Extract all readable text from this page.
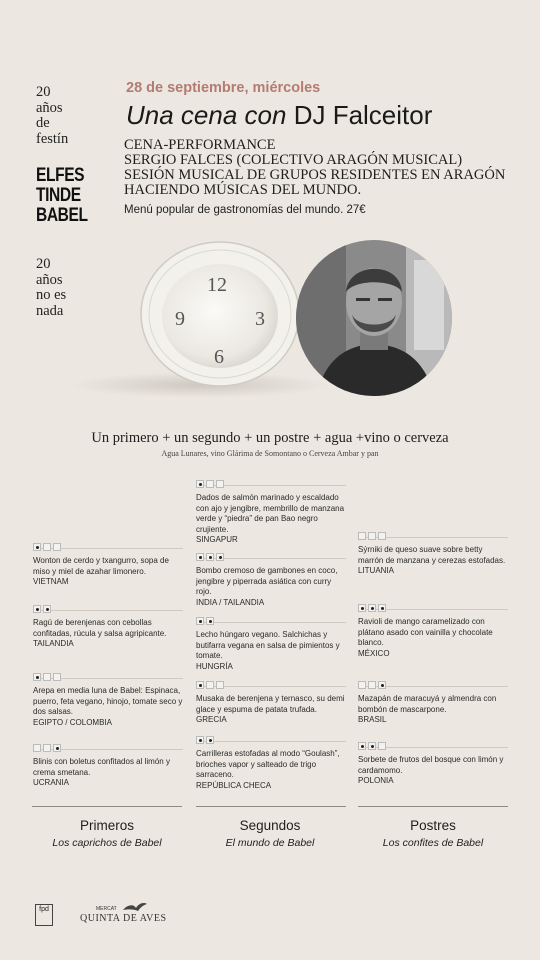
20
años
de
festín
ELFES
TINDE
BABEL
20
años
no es
nada
28 de septiembre, miércoles
Una cena con DJ Falceitor
CENA-PERFORMANCE
SERGIO FALCES (COLECTIVO ARAGÓN MUSICAL)
SESIÓN MUSICAL DE GRUPOS RESIDENTES EN ARAGÓN
HACIENDO MÚSICAS DEL MUNDO.
Menú popular de gastronomías del mundo. 27€
12
9	3
6
Un primero + un segundo + un postre + agua +vino o cerveza
Agua Lunares, vino Glárima de Somontano o Cerveza Ambar y pan
Wonton de cerdo y txangurro, sopa de miso y miel de azahar limonero.
VIETNAM
Ragú de berenjenas con cebollas confitadas, rúcula y salsa agripicante.
TAILANDIA
Arepa en media luna de Babel: Espinaca, puerro, feta vegano, hinojo, tomate seco y dos salsas.
EGIPTO / COLOMBIA
Blinis con boletus confitados al limón y crema smetana.
UCRANIA
Dados de salmón marinado y escaldado con ajo y jengibre, membrillo de manzana verde y “piedra” de pan Bao negro crujiente.
SINGAPUR
Bombo cremoso de gambones en coco, jengibre y piperrada asiática con curry rojo.
INDIA / TAILANDIA
Lecho húngaro vegano. Salchichas y butifarra vegana en salsa de pimientos y tomate.
HUNGRÍA
Musaka de berenjena y ternasco, su demi glace y espuma de patata trufada.
GRECIA
Carrilleras estofadas al modo “Goulash”, brioches vapor y salteado de trigo sarraceno.
REPÚBLICA CHECA
Sýrniki de queso suave sobre betty marrón de manzana y cerezas estofadas.
LITUANIA
Ravioli de mango caramelizado con plátano asado con vainilla y chocolate blanco.
MÉXICO
Mazapán de maracuyá y almendra con bombón de mascarpone.
BRASIL
Sorbete de frutos del bosque con limón y cardamomo.
POLONIA
Primeros
Los caprichos de Babel
Segundos
El mundo de Babel
Postres
Los confites de Babel
fpd	MERCAT
QUINTA DE AVES
